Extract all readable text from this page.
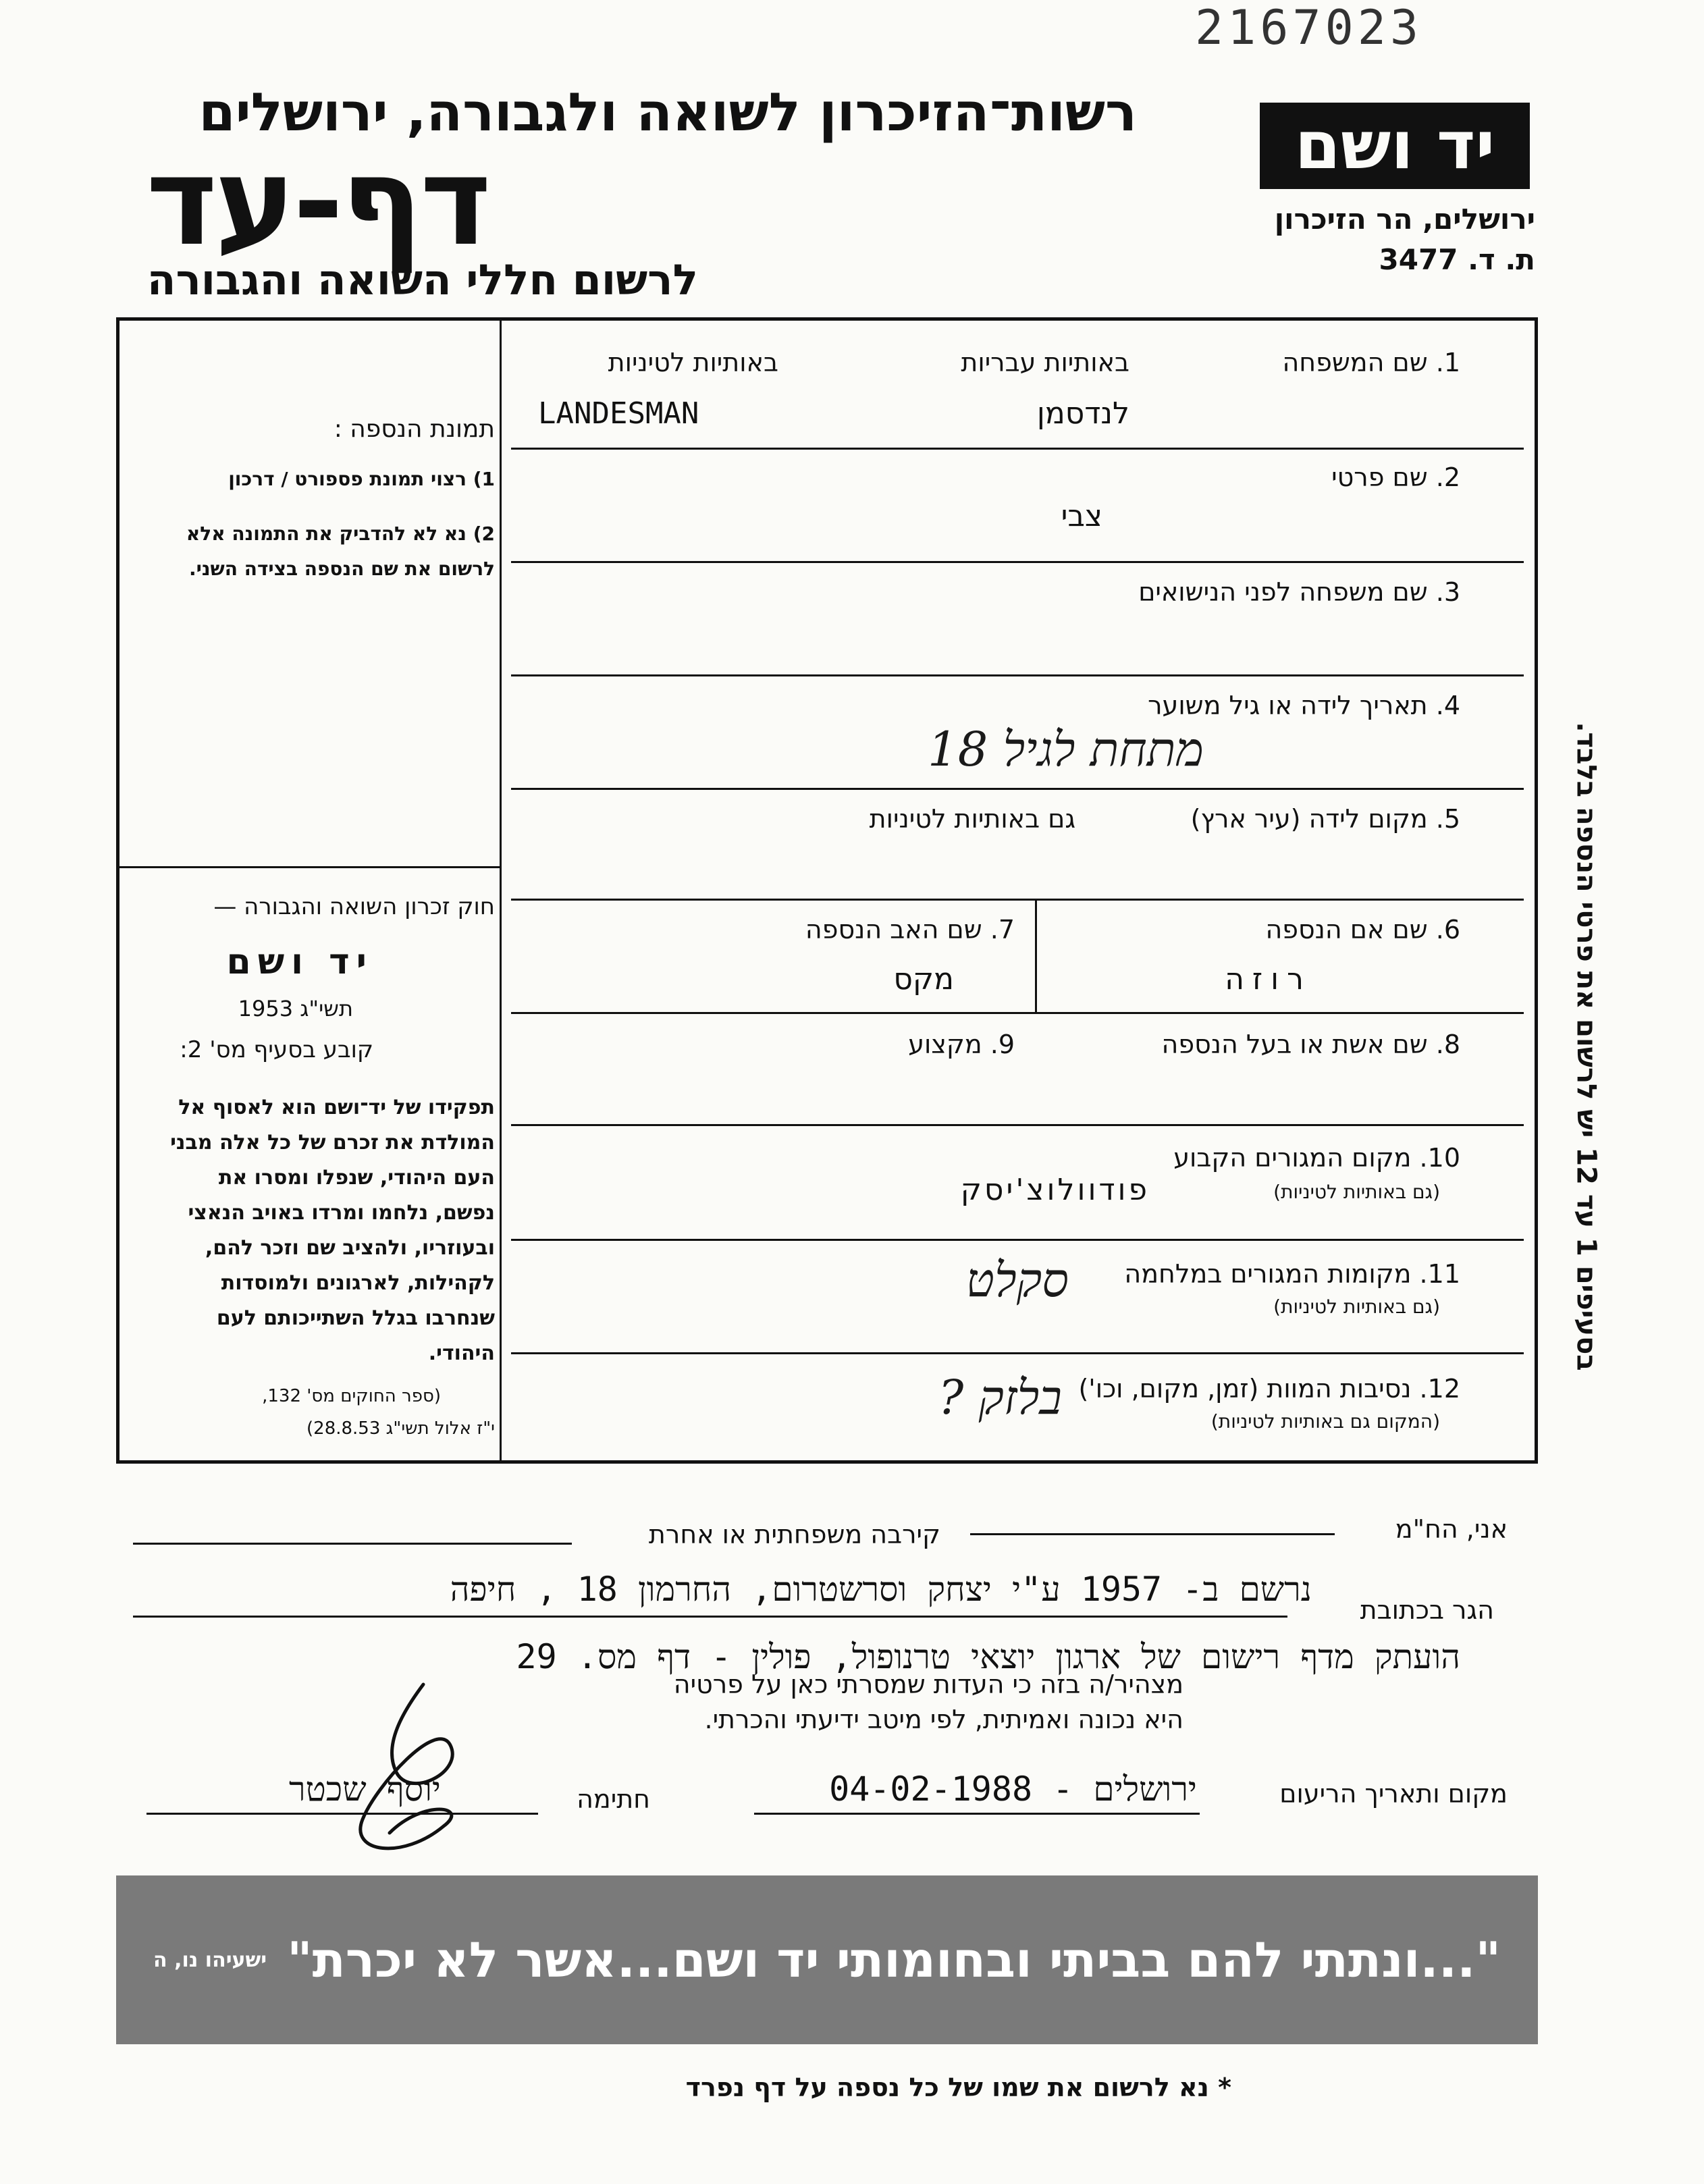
2167023
רשות־הזיכרון לשואה ולגבורה, ירושלים
דף-עד
לרשום חללי השואה והגבורה
יד ושם
ירושלים, הר הזיכרון
ת. ד. 3477
תמונת הנספה :
1) רצוי תמונת פספורט / דרכון
2) נא לא להדביק את התמונה אלא לרשום את שם הנספה בצידה השני.
חוק זכרון השואה והגבורה —
יד ושם
תשי"ג 1953
קובע בסעיף מס' 2:
תפקידו של יד־ושם הוא לאסוף אל המולדת את זכרם של כל אלה מבני העם היהודי, שנפלו ומסרו את נפשם, נלחמו ומרדו באויב הנאצי ובעוזריו, ולהציב שם וזכר להם, לקהילות, לארגונים ולמוסדות שנחרבו בגלל השתייכותם לעם היהודי.
(ספר החוקים מס' 132,
י"ז אלול תשי"ג 28.8.53)
1. שם המשפחה
באותיות עבריות
באותיות לטיניות
לנדסמן
LANDESMAN
2. שם פרטי
צבי
3. שם משפחה לפני הנישואים
4. תאריך לידה או גיל משוער
מתחת לגיל 18
5. מקום לידה (עיר ארץ)
גם באותיות לטיניות
6. שם אם הנספה
רוזה
7. שם האב הנספה
מקס
8. שם אשת או בעל הנספה
9. מקצוע
10. מקום המגורים הקבוע
(גם באותיות לטיניות)
פודוולוצ'יסק
11. מקומות המגורים במלחמה
(גם באותיות לטיניות)
סקלט
12. נסיבות המוות (זמן, מקום, וכו')
(המקום גם באותיות לטיניות)
בלזק ?
אני, הח"מ
קירבה משפחתית או אחרת
הגר בכתובת
נרשם ב- 1957 ע"י יצחק וסרשטרום, החרמון 18 , חיפה
הועתק מדף רישום של ארגון יוצאי טרנופול, פולין - דף מס. 29
מצהיר/ה בזה כי העדות שמסרתי כאן על פרטיה
היא נכונה ואמיתית, לפי מיטב ידיעתי והכרתי.
מקום ותאריך הריעום
ירושלים - 04-02-1988
חתימה
יוסף שכטר
בסעיפים 1 עד 12 יש לרשום את פרטי הנספה בלבד.
"...ונתתי להם בביתי ובחומותי יד ושם...אשר לא יכרת"
ישעיהו נו, ה
* נא לרשום את שמו של כל נספה על דף נפרד
